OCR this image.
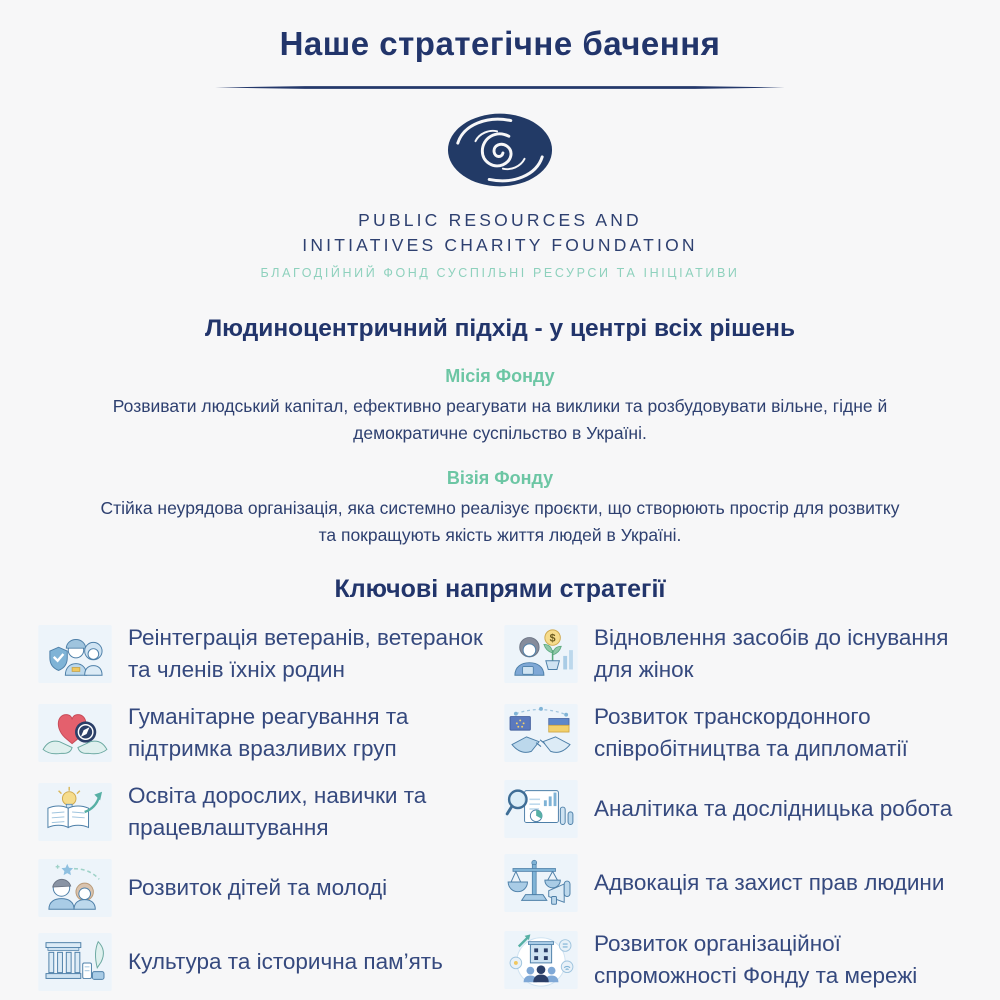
Наше стратегічне бачення
PUBLIC RESOURCES AND
INITIATIVES CHARITY FOUNDATION
БЛАГОДІЙНИЙ ФОНД СУСПІЛЬНІ РЕСУРСИ ТА ІНІЦІАТИВИ
Людиноцентричний підхід - у центрі всіх рішень
Місія Фонду
Розвивати людський капітал, ефективно реагувати на виклики та розбудовувати вільне, гідне й демократичне суспільство в Україні.
Візія Фонду
Стійка неурядова організація, яка системно реалізує проєкти, що створюють простір для розвитку та покращують якість життя людей в Україні.
Ключові напрями стратегії
Реінтеграція ветеранів, ветеранок та членів їхніх родин
Гуманітарне реагування та підтримка вразливих груп
Освіта дорослих, навички та працевлаштування
Розвиток дітей та молоді
Культура та історична пам’ять
$ Відновлення засобів до існування для жінок
Розвиток транскордонного співробітництва та дипломатії
Аналітика та дослідницька робота
Адвокація та захист прав людини
Розвиток організаційної спроможності Фонду та мережі
